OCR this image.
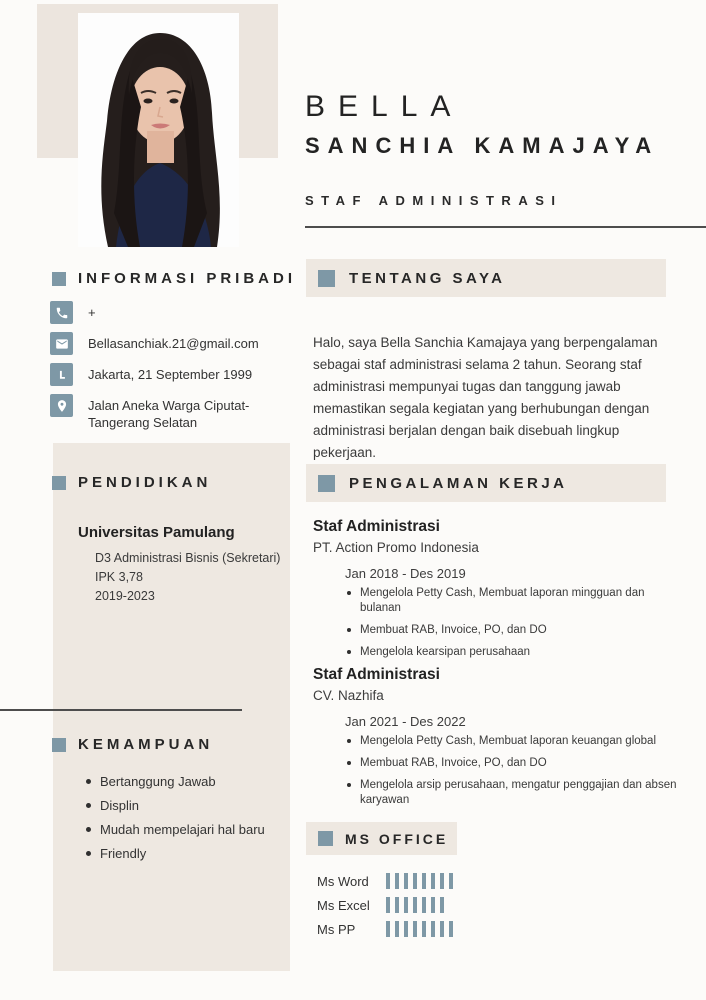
BELLA
SANCHIA KAMAJAYA
STAF ADMINISTRASI
INFORMASI PRIBADI
+
Bellasanchiak.21@gmail.com
Jakarta, 21 September 1999
Jalan Aneka Warga Ciputat-Tangerang Selatan
PENDIDIKAN
Universitas Pamulang
D3 Administrasi Bisnis (Sekretari)
IPK 3,78
2019-2023
KEMAMPUAN
Bertanggung Jawab
Displin
Mudah mempelajari hal baru
Friendly
TENTANG SAYA

Halo, saya Bella Sanchia Kamajaya yang berpengalaman sebagai staf administrasi selama 2 tahun. Seorang staf administrasi mempunyai tugas dan tanggung jawab memastikan segala kegiatan yang berhubungan dengan administrasi berjalan dengan baik disebuah lingkup pekerjaan.

PENGALAMAN KERJA
Staf Administrasi
PT. Action Promo Indonesia
Jan 2018 - Des 2019
Mengelola Petty Cash, Membuat laporan mingguan dan bulanan
Membuat RAB, Invoice, PO, dan DO
Mengelola kearsipan perusahaan
Staf Administrasi
CV. Nazhifa
Jan 2021 - Des 2022
Mengelola Petty Cash, Membuat laporan keuangan global
Membuat RAB, Invoice, PO, dan DO
Mengelola arsip perusahaan, mengatur penggajian dan absen karyawan
MS OFFICE
Ms Word
Ms Excel
Ms PP
